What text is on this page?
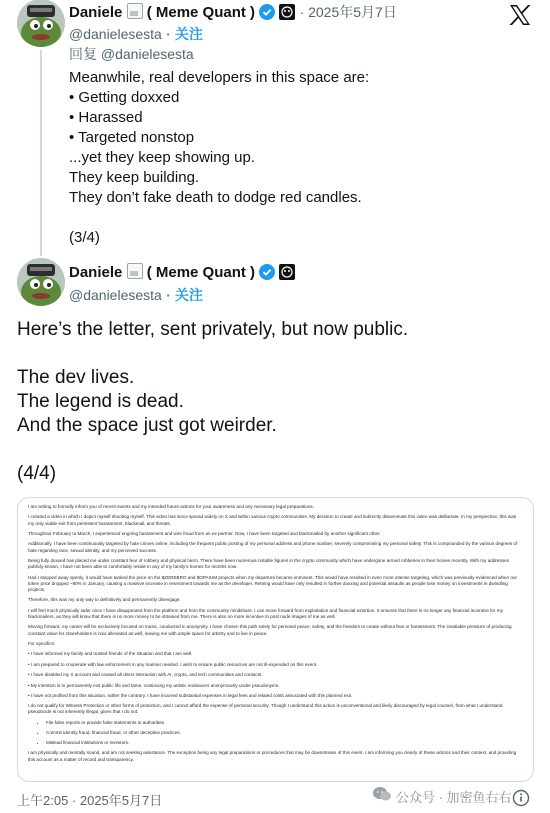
Daniele ( Meme Quant )	· 2025年5月7日
@danielesesta · 关注
回复 @danielesesta
Meanwhile, real developers in this space are:
• Getting doxxed
• Harassed
• Targeted nonstop
...yet they keep showing up.
They keep building.
They don’t fake death to dodge red candles.

(3/4)
Daniele ( Meme Quant )
@danielesesta · 关注
Here’s the letter, sent privately, but now public.

The dev lives.
The legend is dead.
And the space just got weirder.

(4/4)

I am writing to formally inform you of recent events and my intended future actions for your awareness and any necessary legal preparations.

I created a video in which I depict myself shooting myself. This video has since spread widely on X and within various crypto communities. My decision to create and indirectly disseminate this video was deliberate. In my perspective, this was my only viable exit from persistent harassment, blackmail, and threats.

Throughout February to March, I experienced ongoing harassment and wire fraud from an ex-partner. Now, I have been targeted and blackmailed by another significant other.

Additionally, I have been continuously targeted by hate crimes online, including the frequent public posting of my personal address and phone number, severely compromising my personal safety. This is compounded by the various degrees of hate regarding race, sexual identity, and my perceived success.

Being fully doxxed has placed me under constant fear of robbery and physical harm. There have been numerous notable figures in the crypto community which have undergone armed robberies in their homes recently. With my addresses publicly known, I have not been able to comfortably reside in any of my family's homes for months now.

Had I stepped away openly, it would have tanked the price on the $ZEREBRO and $OPAIUM projects when my departure became imminent. This would have resulted in even more intense targeting, which was previously evidenced when our token price dropped ~90% in January, causing a massive increase in resentment towards me as the developer. Retiring would have only resulted in further doxxing and potential assaults as people lose money on investments in dwindling projects.

Therefore, this was my only way to definitively and permanently disengage.

I will feel much physically safer once I have disappeared from the platform and from the community mindshare. I can move forward from exploitation and financial extortion. It ensures that there is no longer any financial incentive for my blackmailers, as they will know that there is no more money to be obtained from me. There is also no more incentive to post nude images of me as well.

Moving forward, my career will be exclusively focused on music, conducted in anonymity. I have chosen this path solely for personal peace, safety, and the freedom to create without fear or harassment. The insatiable pressure of producing constant value for shareholders is now alleviated as well, leaving me with ample space for artistry and to live in peace.

For specifics:

• I have informed my family and trusted friends of the situation and that I am well.

• I am prepared to cooperate with law enforcement in any manner needed. I wish to ensure public resources are not ill-expended on this event.

• I have disabled my X account and ceased all direct interaction with AI, crypto, and tech communities and contacts.

• My intention is to permanently exit public life and fame, continuing my artistic endeavors anonymously under pseudonyms.

• I have not profited from this situation, rather the contrary. I have incurred substantial expenses in legal fees and related costs associated with this planned exit.

I do not qualify for Witness Protection or other forms of protection, and I cannot afford the expense of personal security. Though I understand this action is unconventional and likely discouraged by legal counsel, from what I understand pseudocide is not inherently illegal, given that I do not:

• File false reports or provide false statements to authorities.
• Commit identity fraud, financial fraud, or other deceptive practices.
• Mislead financial institutions or investors.

I am physically and mentally sound, and am not seeking assistance. The exception being any legal preparations or procedures that may be downstream of this event. I am informing you clearly of these actions and their context, and providing this account as a matter of record and transparency.

上午2:05 · 2025年5月7日	公众号 · 加密鱼右右
